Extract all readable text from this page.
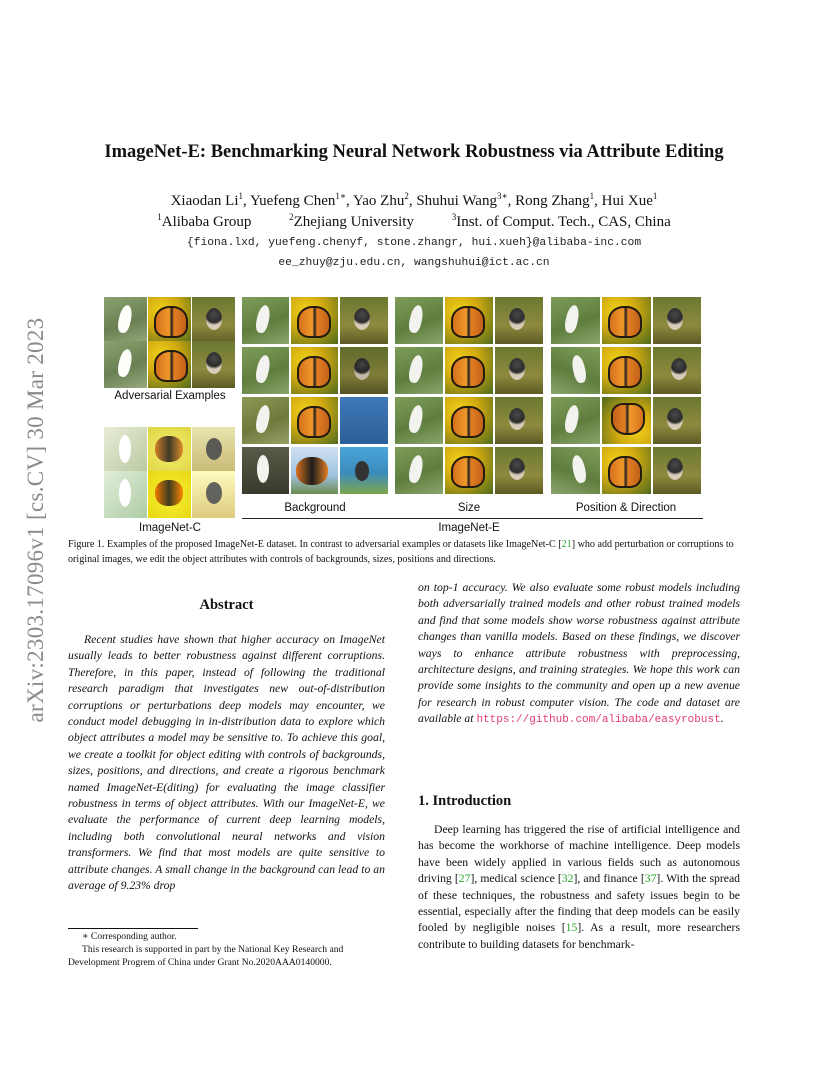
arXiv:2303.17096v1 [cs.CV] 30 Mar 2023
ImageNet-E: Benchmarking Neural Network Robustness via Attribute Editing
Xiaodan Li$^1$, Yuefeng Chen$^{1∗}$, Yao Zhu$^2$, Shuhui Wang$^{3∗}$, Rong Zhang$^1$, Hui Xue$^1$
$^1$Alibaba Group	$^2$Zhejiang University	$^3$Inst. of Comput. Tech., CAS, China
{fiona.lxd, yuefeng.chenyf, stone.zhangr, hui.xueh}@alibaba-inc.com
ee_zhuy@zju.edu.cn, wangshuhui@ict.ac.cn
Adversarial Examples
ImageNet-C
Background	Size	Position & Direction
ImageNet-E
Figure 1. Examples of the proposed ImageNet-E dataset. In contrast to adversarial examples or datasets like ImageNet-C [21] who add perturbation or corruptions to original images, we edit the object attributes with controls of backgrounds, sizes, positions and directions.
Abstract
Recent studies have shown that higher accuracy on ImageNet usually leads to better robustness against different corruptions. Therefore, in this paper, instead of following the traditional research paradigm that investigates new out-of-distribution corruptions or perturbations deep models may encounter, we conduct model debugging in in-distribution data to explore which object attributes a model may be sensitive to. To achieve this goal, we create a toolkit for object editing with controls of backgrounds, sizes, positions, and directions, and create a rigorous benchmark named ImageNet-E(diting) for evaluating the image classifier robustness in terms of object attributes. With our ImageNet-E, we evaluate the performance of current deep learning models, including both convolutional neural networks and vision transformers. We find that most models are quite sensitive to attribute changes. A small change in the background can lead to an average of 9.23% drop
on top-1 accuracy. We also evaluate some robust models including both adversarially trained models and other robust trained models and find that some models show worse robustness against attribute changes than vanilla models. Based on these findings, we discover ways to enhance attribute robustness with preprocessing, architecture designs, and training strategies. We hope this work can provide some insights to the community and open up a new avenue for research in robust computer vision. The code and dataset are available at https://github.com/alibaba/easyrobust.
1. Introduction
Deep learning has triggered the rise of artificial intelligence and has become the workhorse of machine intelligence. Deep models have been widely applied in various fields such as autonomous driving [27], medical science [32], and finance [37]. With the spread of these techniques, the robustness and safety issues begin to be essential, especially after the finding that deep models can be easily fooled by negligible noises [15]. As a result, more researchers contribute to building datasets for benchmark-

∗ Corresponding author.

This research is supported in part by the National Key Research and Development Progrem of China under Grant No.2020AAA0140000.
